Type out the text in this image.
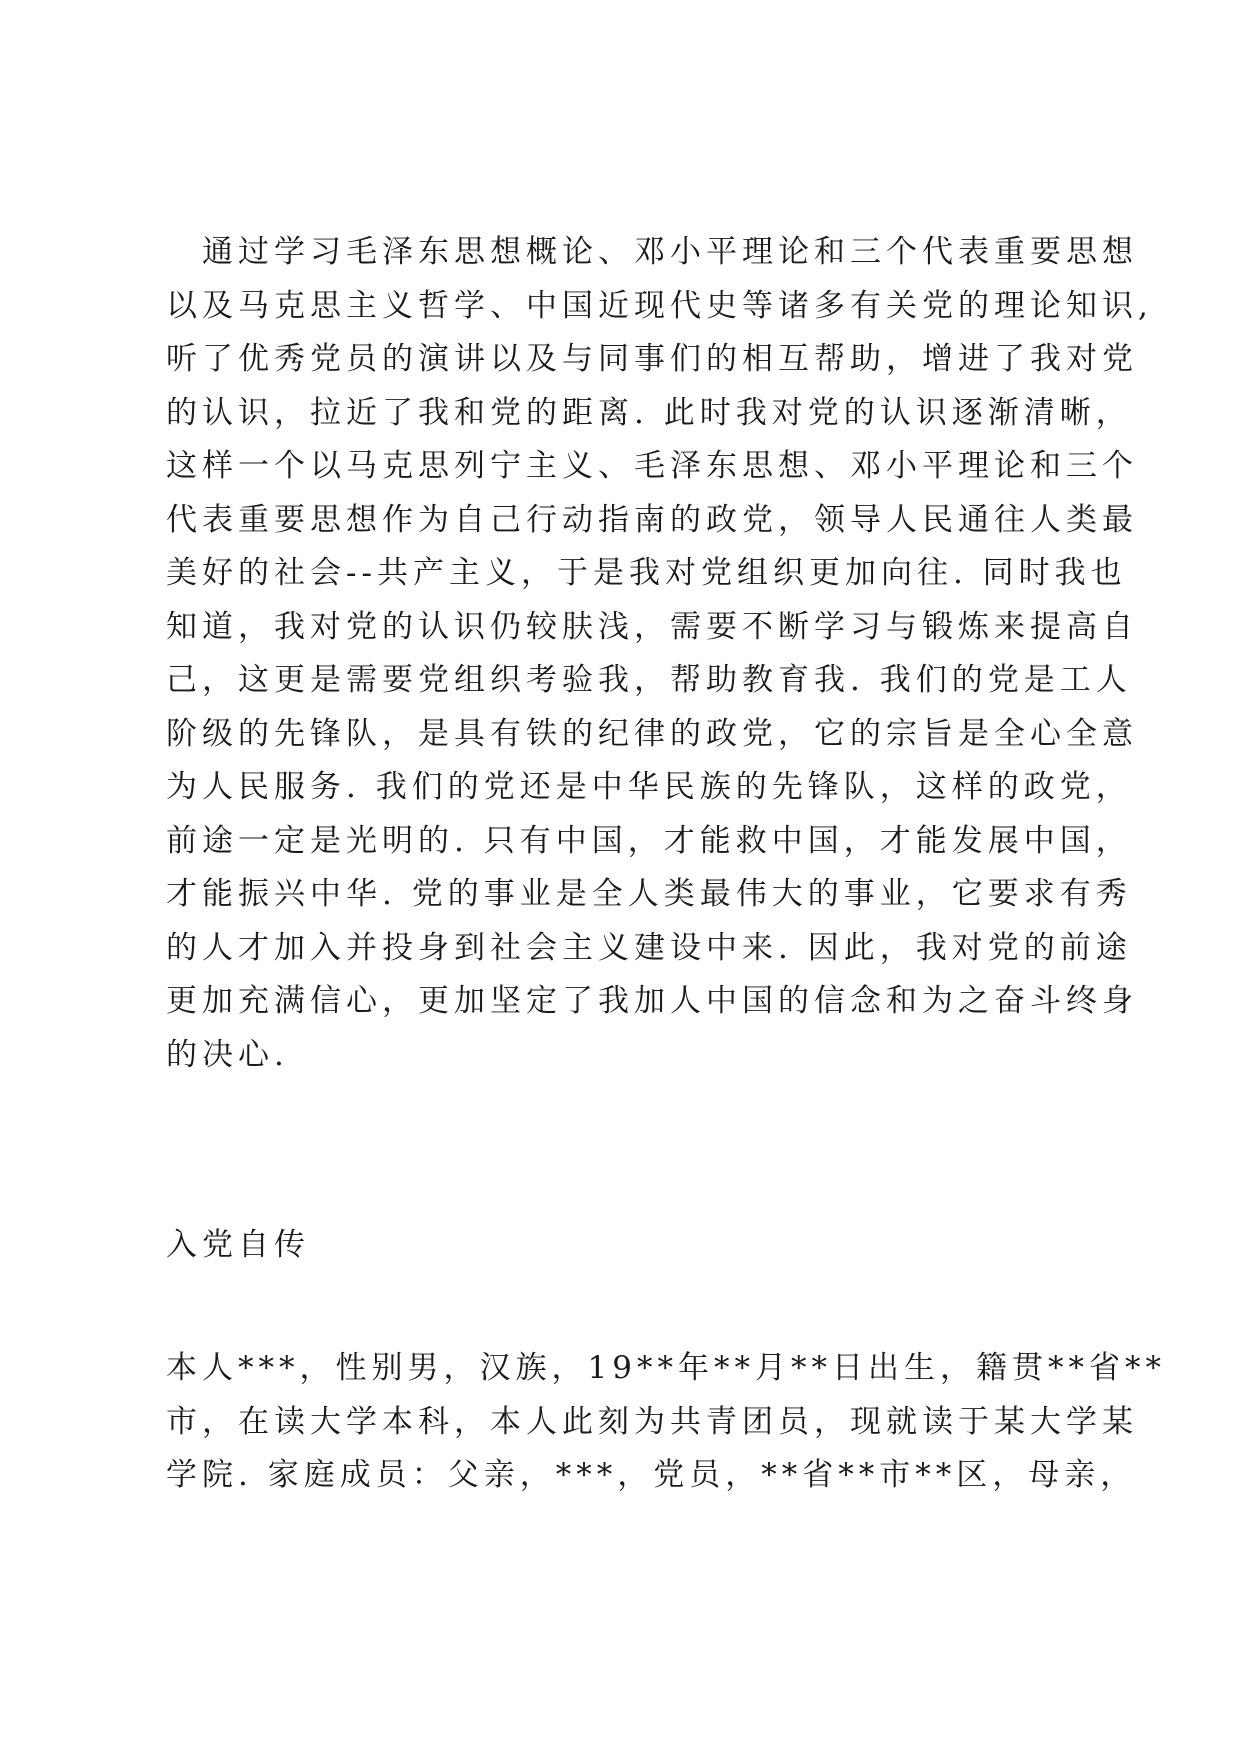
　通过学习毛泽东思想概论、邓小平理论和三个代表重要思想
以及马克思主义哲学、中国近现代史等诸多有关党的理论知识,
听了优秀党员的演讲以及与同事们的相互帮助，增进了我对党
的认识，拉近了我和党的距离. 此时我对党的认识逐渐清晰，
这样一个以马克思列宁主义、毛泽东思想、邓小平理论和三个
代表重要思想作为自己行动指南的政党，领导人民通往人类最
美好的社会--共产主义，于是我对党组织更加向往. 同时我也
知道，我对党的认识仍较肤浅，需要不断学习与锻炼来提高自
己，这更是需要党组织考验我，帮助教育我. 我们的党是工人
阶级的先锋队，是具有铁的纪律的政党，它的宗旨是全心全意
为人民服务. 我们的党还是中华民族的先锋队，这样的政党，
前途一定是光明的. 只有中国，才能救中国，才能发展中国，
才能振兴中华. 党的事业是全人类最伟大的事业，它要求有秀
的人才加入并投身到社会主义建设中来. 因此，我对党的前途
更加充满信心，更加坚定了我加人中国的信念和为之奋斗终身
的决心.
入党自传
本人***，性别男，汉族，19**年**月**日出生，籍贯**省**
市，在读大学本科，本人此刻为共青团员，现就读于某大学某
学院. 家庭成员：父亲，***，党员，**省**市**区，母亲，
